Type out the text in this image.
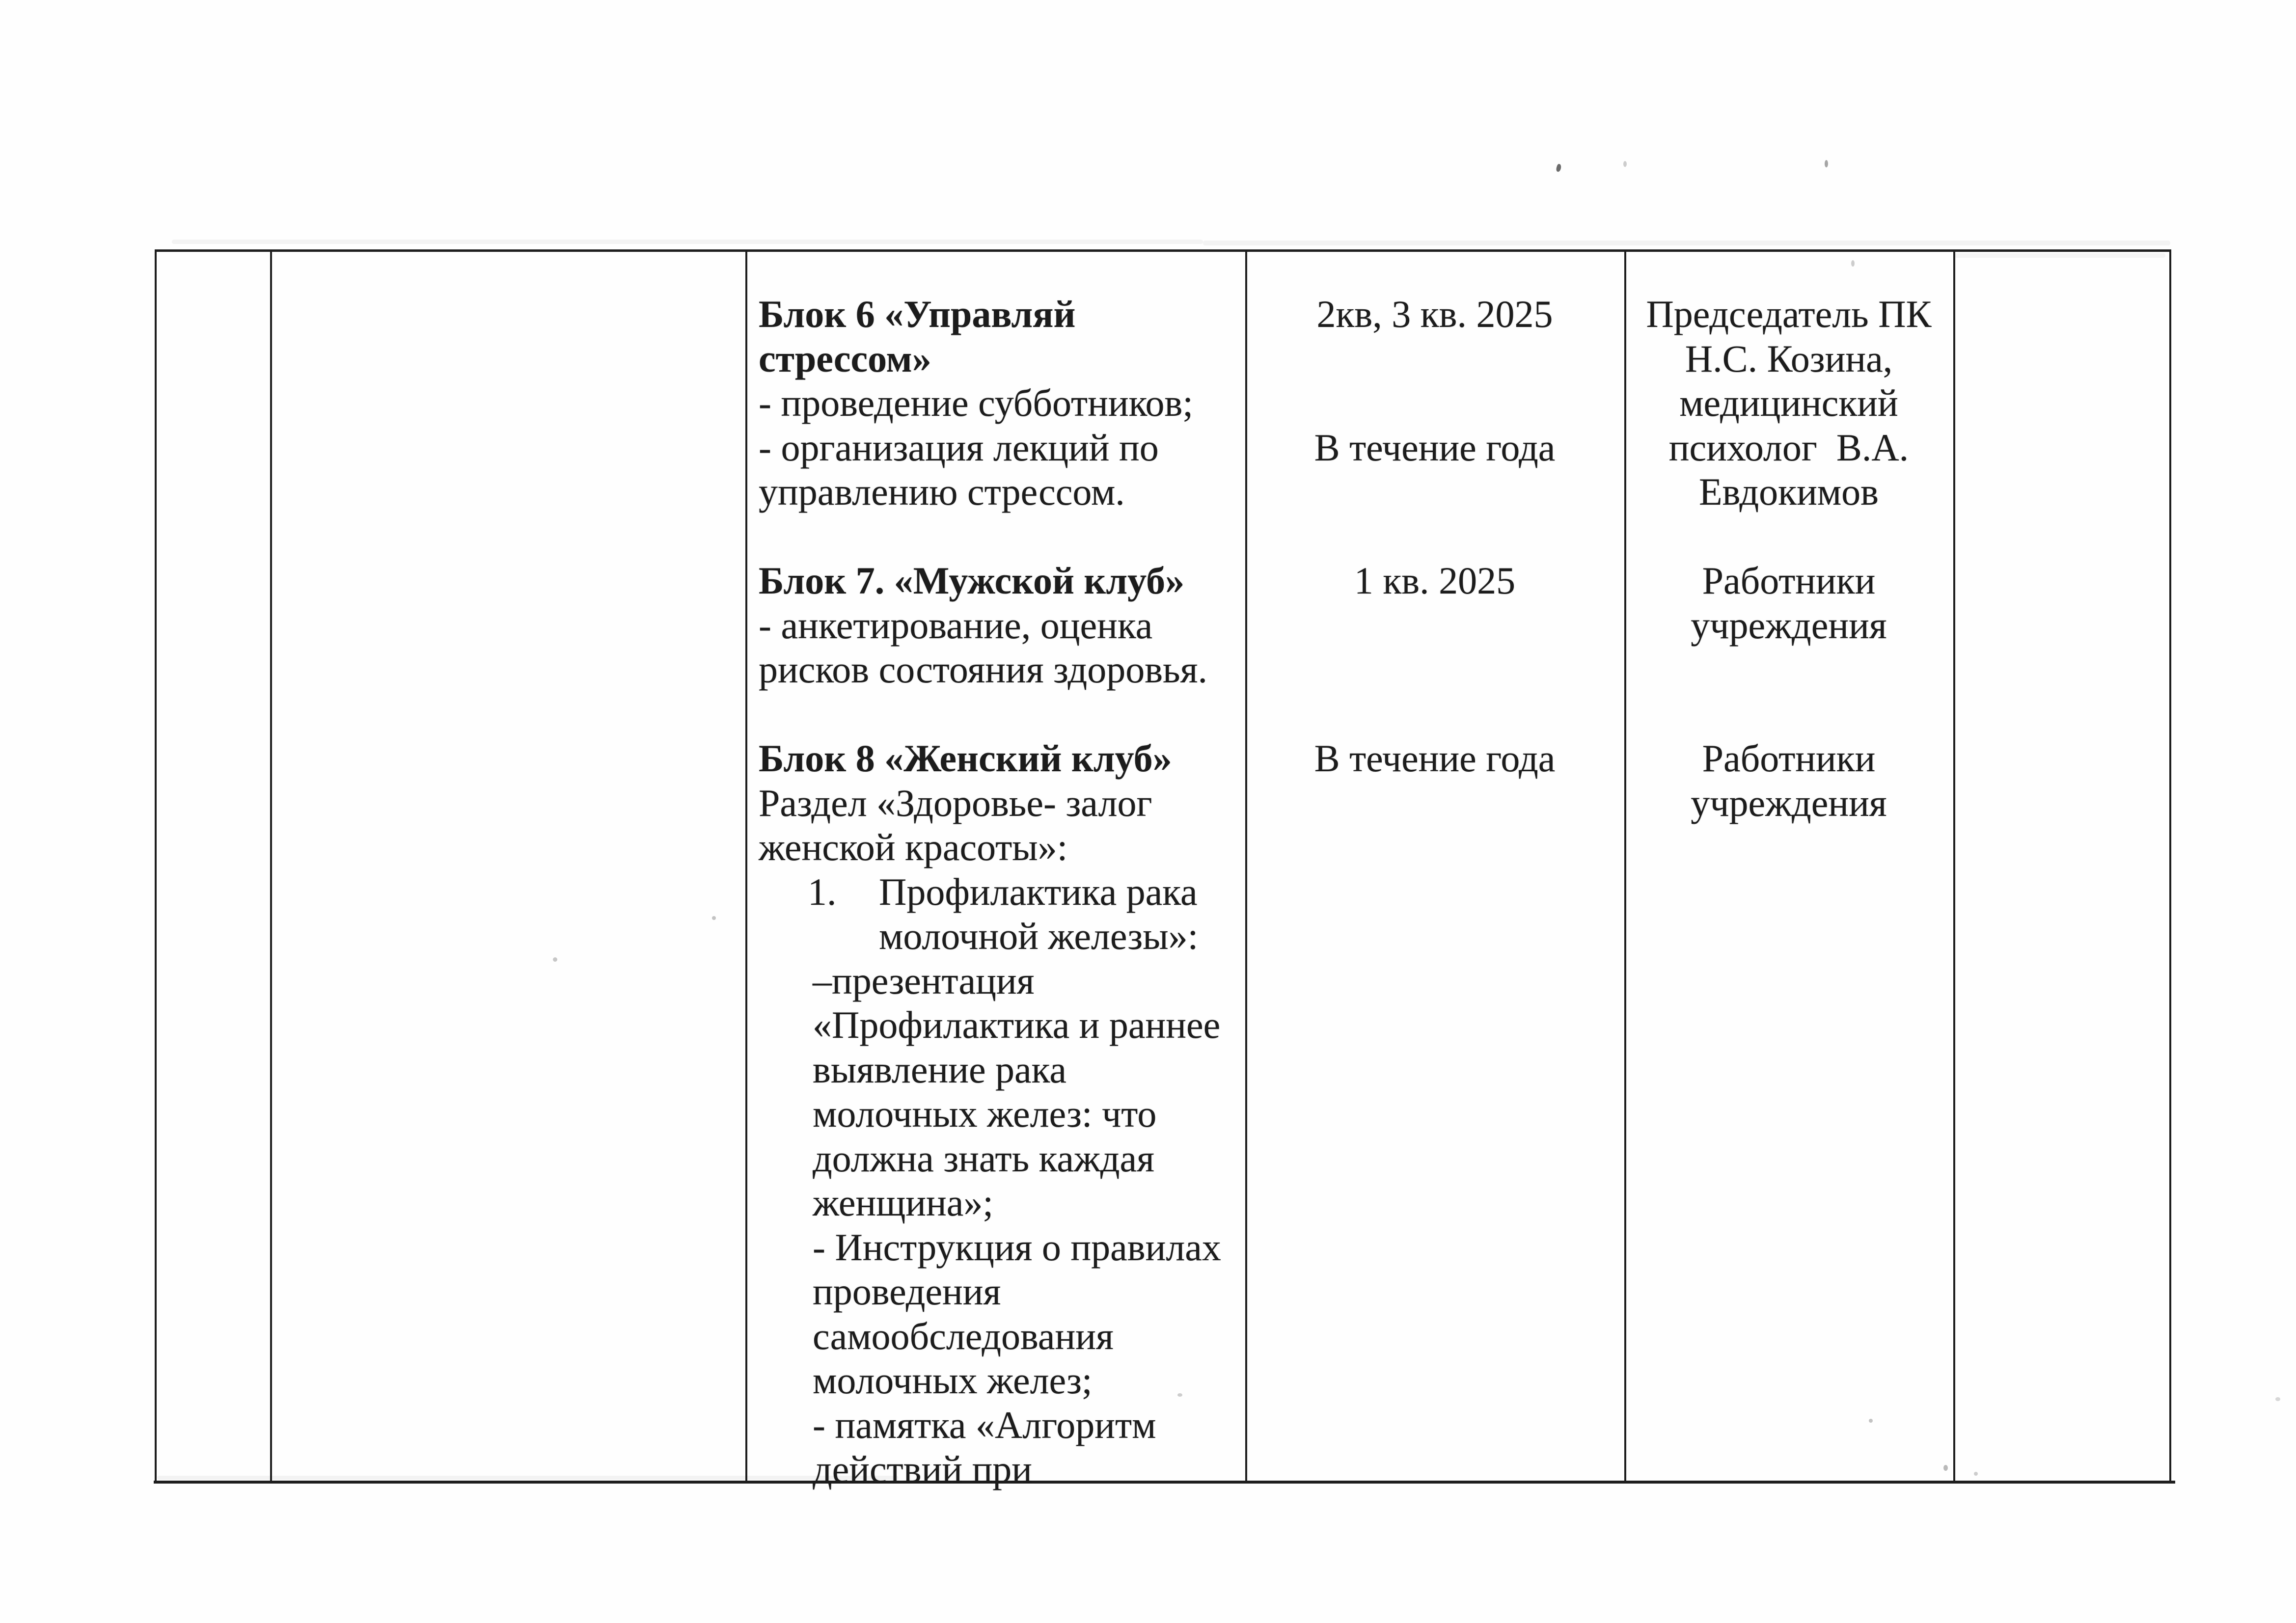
Блок 6 «Управляй
стрессом»
- проведение субботников;
- организация лекций по
управлению стрессом.
Блок 7. «Мужской клуб»
- анкетирование, оценка
рисков состояния здоровья.
Блок 8 «Женский клуб»
Раздел «Здоровье- залог
женской красоты»:
1. Профилактика рака
молочной железы»:
–презентация
«Профилактика и раннее
выявление рака
молочных желез: что
должна знать каждая
женщина»;
- Инструкция о правилах
проведения
самообследования
молочных желез;
- памятка «Алгоритм
действий при
2кв, 3 кв. 2025
В течение года
1 кв. 2025
В течение года
Председатель ПК
Н.С. Козина,
медицинский
психолог  В.А.
Евдокимов
Работники
учреждения
Работники
учреждения
